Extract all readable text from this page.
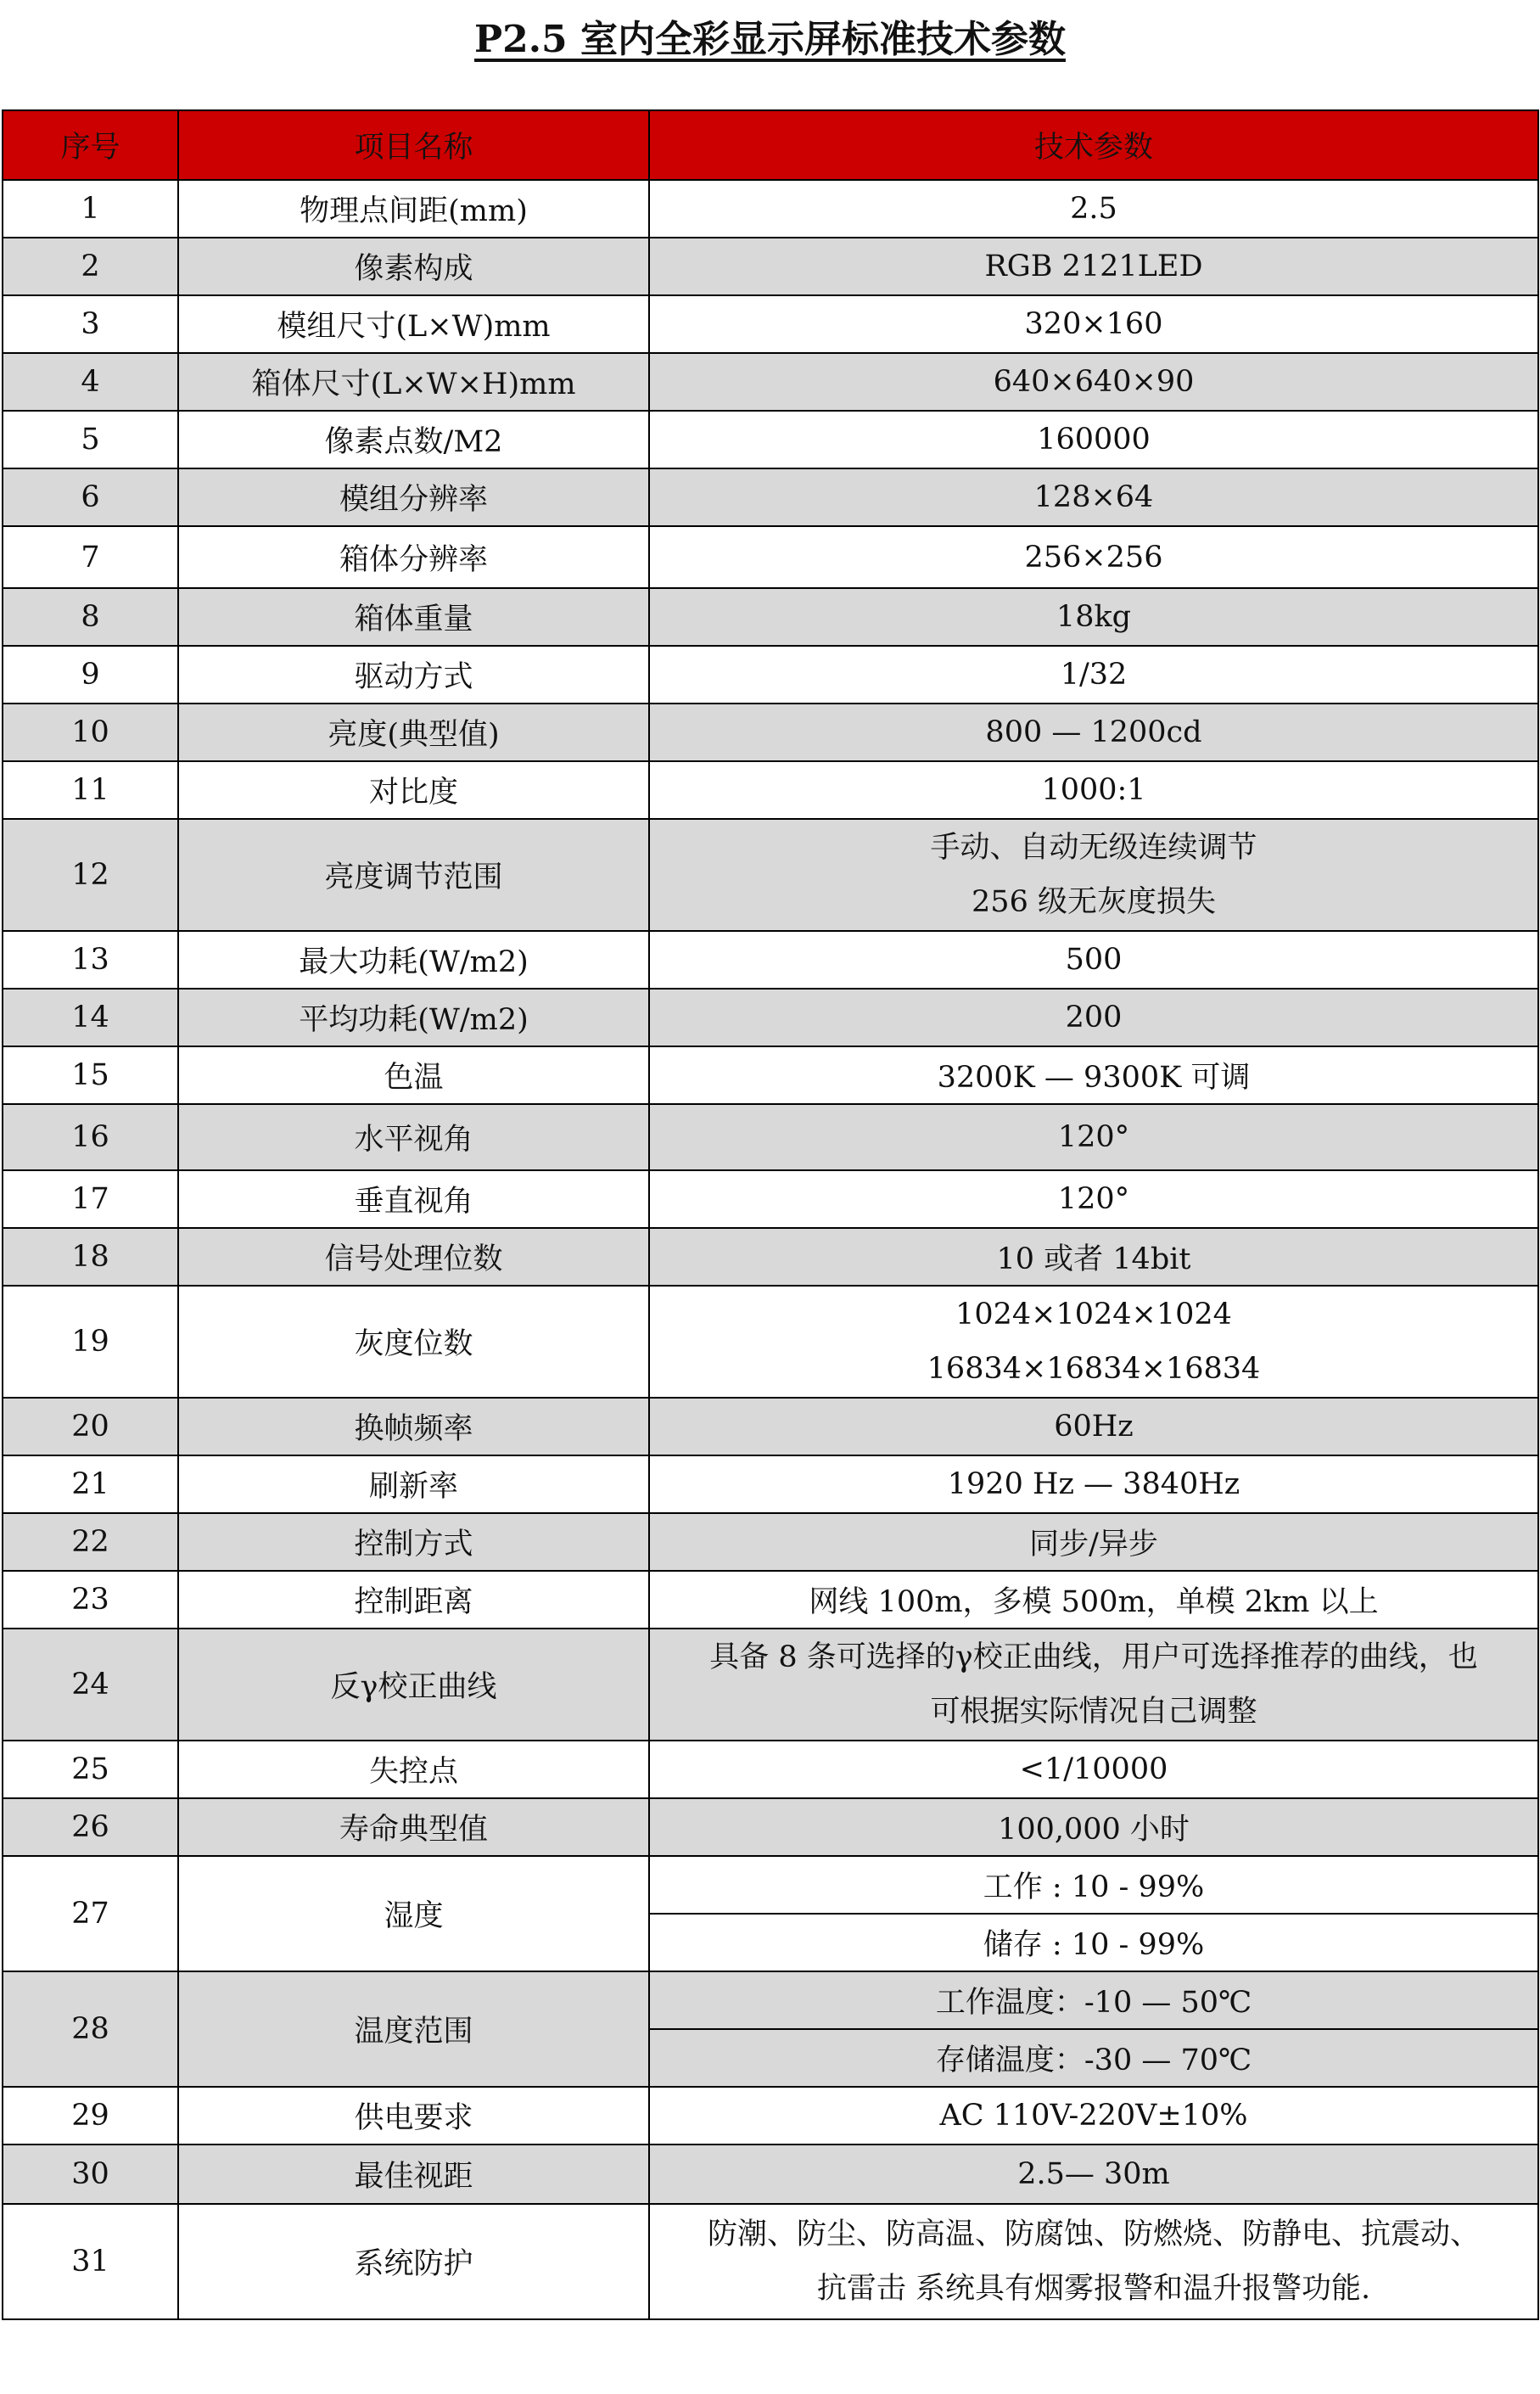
P2.5 室内全彩显示屏标准技术参数
序号	项目名称	技术参数
1	物理点间距(mm)	2.5
2	像素构成	RGB 2121LED
3	模组尺寸(L×W)mm	320×160
4	箱体尺寸(L×W×H)mm	640×640×90
5	像素点数/M2	160000
6	模组分辨率	128×64
7	箱体分辨率	256×256
8	箱体重量	18kg
9	驱动方式	1/32
10	亮度(典型值)	800 — 1200cd
11	对比度	1000:1
12	亮度调节范围	手动、自动无级连续调节
256 级无灰度损失

13	最大功耗(W/m2)	500
14	平均功耗(W/m2)	200
15	色温	3200K — 9300K 可调
16	水平视角	120°
17	垂直视角	120°
18	信号处理位数	10 或者 14bit
19	灰度位数	1024×1024×1024
16834×16834×16834

20	换帧频率	60Hz
21	刷新率	1920 Hz — 3840Hz
22	控制方式	同步/异步
23	控制距离	网线 100m，多模 500m，单模 2km 以上
24	反γ校正曲线	具备 8 条可选择的γ校正曲线，用户可选择推荐的曲线，也
可根据实际情况自己调整

25	失控点	<1/10000
26	寿命典型值	100,000 小时
27	湿度	工作 : 10 - 99%
		储存 : 10 - 99%
28	温度范围	工作温度：-10 — 50℃
		存储温度：-30 — 70℃
29	供电要求	AC 110V-220V±10%
30	最佳视距	2.5— 30m
31	系统防护	防潮、防尘、防高温、防腐蚀、防燃烧、防静电、抗震动、
抗雷击 系统具有烟雾报警和温升报警功能.
